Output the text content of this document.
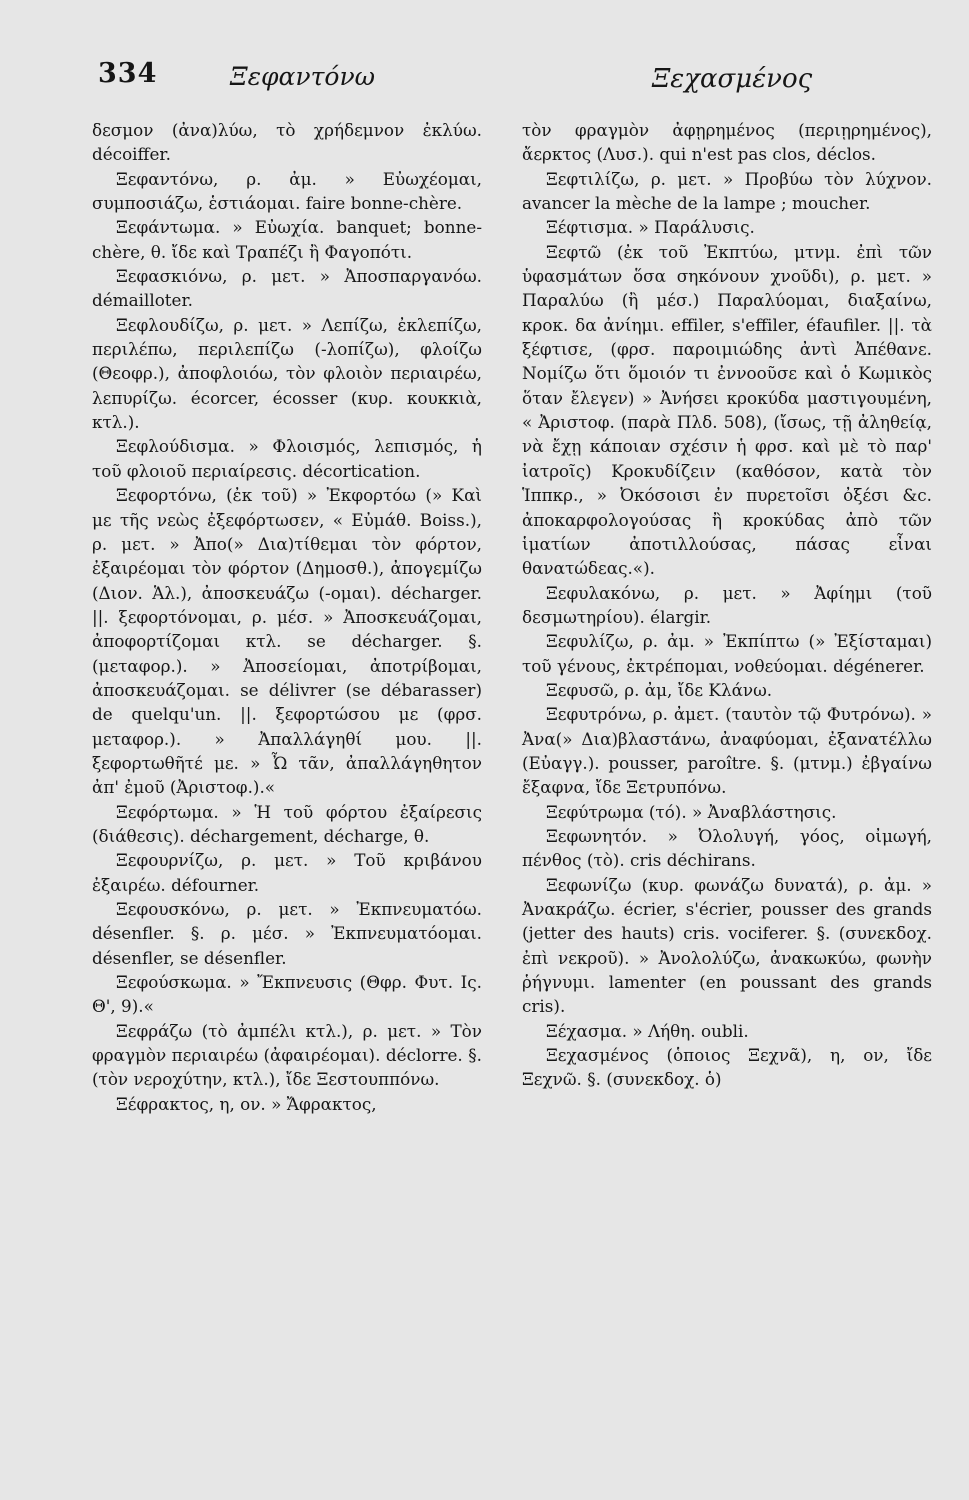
334	Ξεφαντόνω	Ξεχασμένος

δεσμον (ἀνα)λύω, τὸ χρήδεμνον ἐκλύω. décoiffer.

Ξεφαντόνω, ρ. ἀμ. » Εὐωχέομαι, συμποσιάζω, ἑστιάομαι. faire bonne-chère.

Ξεφάντωμα. » Εὐωχία. banquet; bonne-chère, θ. ἴδε καὶ Τραπέζι ἢ Φαγοπότι.

Ξεφασκιόνω, ρ. μετ. » Ἀποσπαργανόω. démailloter.

Ξεφλουδίζω, ρ. μετ. » Λεπίζω, ἐκλεπίζω, περιλέπω, περιλεπίζω (-λοπίζω), φλοίζω (Θεοφρ.), ἀποφλοιόω, τὸν φλοιὸν περιαιρέω, λεπυρίζω. écorcer, écosser (κυρ. κουκκιὰ, κτλ.).

Ξεφλούδισμα. » Φλοισμός, λεπισμός, ἡ τοῦ φλοιοῦ περιαίρεσις. décortication.

Ξεφορτόνω, (ἐκ τοῦ) » Ἐκφορτόω (» Καὶ με τῆς νεὼς ἐξεφόρτωσεν, « Εὐμάθ. Boiss.), ρ. μετ. » Ἀπο(» Δια)τίθεμαι τὸν φόρτον, ἐξαιρέομαι τὸν φόρτον (Δημοσθ.), ἀπογεμίζω (Διον. Ἁλ.), ἀποσκευάζω (-ομαι). décharger. ||. ξεφορτόνομαι, ρ. μέσ. » Ἀποσκευάζομαι, ἀποφορτίζομαι κτλ. se décharger. §. (μεταφορ.). » Ἀποσείομαι, ἀποτρίβομαι, ἀποσκευάζομαι. se délivrer (se débarasser) de quelqu'un. ||. ξεφορτώσου με (φρσ. μεταφορ.). » Ἀπαλλάγηθί μου. ||. ξεφορτωθῆτέ με. » Ὦ τᾶν, ἀπαλλάγηθητον ἀπ' ἐμοῦ (Ἀριστοφ.).«

Ξεφόρτωμα. » Ἡ τοῦ φόρτου ἐξαίρεσις (διάθεσις). déchargement, décharge, θ.

Ξεφουρνίζω, ρ. μετ. » Τοῦ κριβάνου ἐξαιρέω. défourner.

Ξεφουσκόνω, ρ. μετ. » Ἐκπνευματόω. désenfler. §. ρ. μέσ. » Ἐκπνευματόομαι. désenfler, se désenfler.

Ξεφούσκωμα. » Ἔκπνευσις (Θφρ. Φυτ. Ις. Θ', 9).«

Ξεφράζω (τὸ ἀμπέλι κτλ.), ρ. μετ. » Τὸν φραγμὸν περιαιρέω (ἀφαιρέομαι). déclorre. §. (τὸν νεροχύτην, κτλ.), ἴδε Ξεστουππόνω.

Ξέφρακτος, η, ον. » Ἄφρακτος,

τὸν φραγμὸν ἀφῃρημένος (περιῃρημένος), ἄερκτος (Λυσ.). qui n'est pas clos, déclos.

Ξεφτιλίζω, ρ. μετ. » Προβύω τὸν λύχνον. avancer la mèche de la lampe ; moucher.

Ξέφτισμα. » Παράλυσις.

Ξεφτῶ (ἐκ τοῦ Ἐκπτύω, μτνμ. ἐπὶ τῶν ὑφασμάτων ὅσα σηκόνουν χνοῦδι), ρ. μετ. » Παραλύω (ἢ μέσ.) Παραλύομαι, διαξαίνω, κροκ. δα ἀνίημι. effiler, s'effiler, éfaufiler. ||. τὰ ξέφτισε, (φρσ. παροιμιώδης ἀντὶ Ἀπέθανε. Νομίζω ὅτι ὅμοιόν τι ἐννοοῦσε καὶ ὁ Κωμικὸς ὅταν ἔλεγεν) » Ἀνήσει κροκύδα μαστιγουμένη, « Ἀριστοφ. (παρὰ Πλδ. 508), (ἴσως, τῇ ἀληθείᾳ, νὰ ἔχῃ κάποιαν σχέσιν ἡ φρσ. καὶ μὲ τὸ παρ' ἰατροῖς) Κροκυδίζειν (καθόσον, κατὰ τὸν Ἱππκρ., » Ὀκόσοισι ἐν πυρετοῖσι ὀξέσι &c. ἀποκαρφολογούσας ἢ κροκύδας ἀπὸ τῶν ἱματίων ἀποτιλλούσας, πάσας εἶναι θανατώδεας.«).

Ξεφυλακόνω, ρ. μετ. » Ἀφίημι (τοῦ δεσμωτηρίου). élargir.

Ξεφυλίζω, ρ. ἀμ. » Ἐκπίπτω (» Ἐξίσταμαι) τοῦ γένους, ἐκτρέπομαι, νοθεύομαι. dégénerer.

Ξεφυσῶ, ρ. ἀμ, ἴδε Κλάνω.

Ξεφυτρόνω, ρ. ἀμετ. (ταυτὸν τῷ Φυτρόνω). » Ἀνα(» Δια)βλαστάνω, ἀναφύομαι, ἐξανατέλλω (Εὐαγγ.). pousser, paroître. §. (μτνμ.) ἐβγαίνω ἔξαφνα, ἴδε Ξετρυπόνω.

Ξεφύτρωμα (τό). » Ἀναβλάστησις.

Ξεφωνητόν. » Ὀλολυγή, γόος, οἰμωγή, πένθος (τὸ). cris déchirans.

Ξεφωνίζω (κυρ. φωνάζω δυνατά), ρ. ἀμ. » Ἀνακράζω. écrier, s'écrier, pousser des grands (jetter des hauts) cris. vociferer. §. (συνεκδοχ. ἐπὶ νεκροῦ). » Ἀνολολύζω, ἀνακωκύω, φωνὴν ῥήγνυμι. lamenter (en poussant des grands cris).

Ξέχασμα. » Λήθη. oubli.

Ξεχασμένος (ὁποιος Ξεχνᾶ), η, ον, ἴδε Ξεχνῶ. §. (συνεκδοχ. ὁ)
